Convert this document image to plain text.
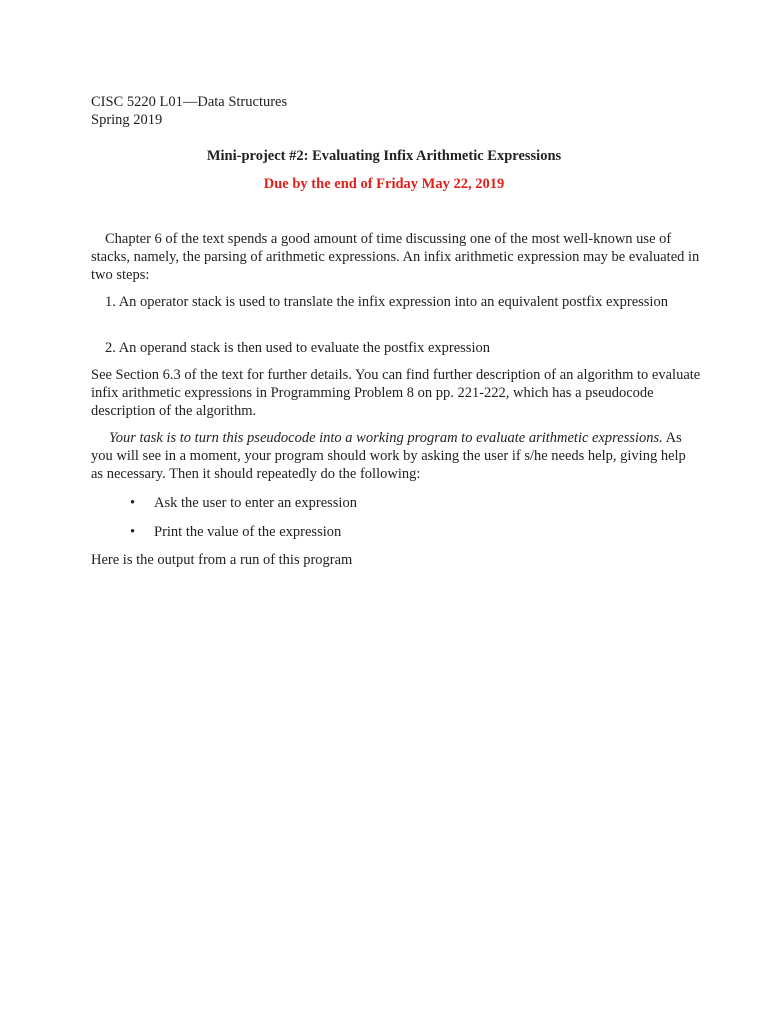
CISC 5220 L01—Data Structures
Spring 2019
Mini-project #2: Evaluating Infix Arithmetic Expressions
Due by the end of Friday May 22, 2019
Chapter 6 of the text spends a good amount of time discussing one of the most well-known use of stacks, namely, the parsing of arithmetic expressions. An infix arithmetic expression may be evaluated in two steps:
1. An operator stack is used to translate the infix expression into an equivalent postfix expression
2. An operand stack is then used to evaluate the postfix expression
See Section 6.3 of the text for further details. You can find further description of an algorithm to evaluate infix arithmetic expressions in Programming Problem 8 on pp. 221-222, which has a pseudocode description of the algorithm.
Your task is to turn this pseudocode into a working program to evaluate arithmetic expressions. As you will see in a moment, your program should work by asking the user if s/he needs help, giving help as necessary. Then it should repeatedly do the following:
• Ask the user to enter an expression
• Print the value of the expression
Here is the output from a run of this program
